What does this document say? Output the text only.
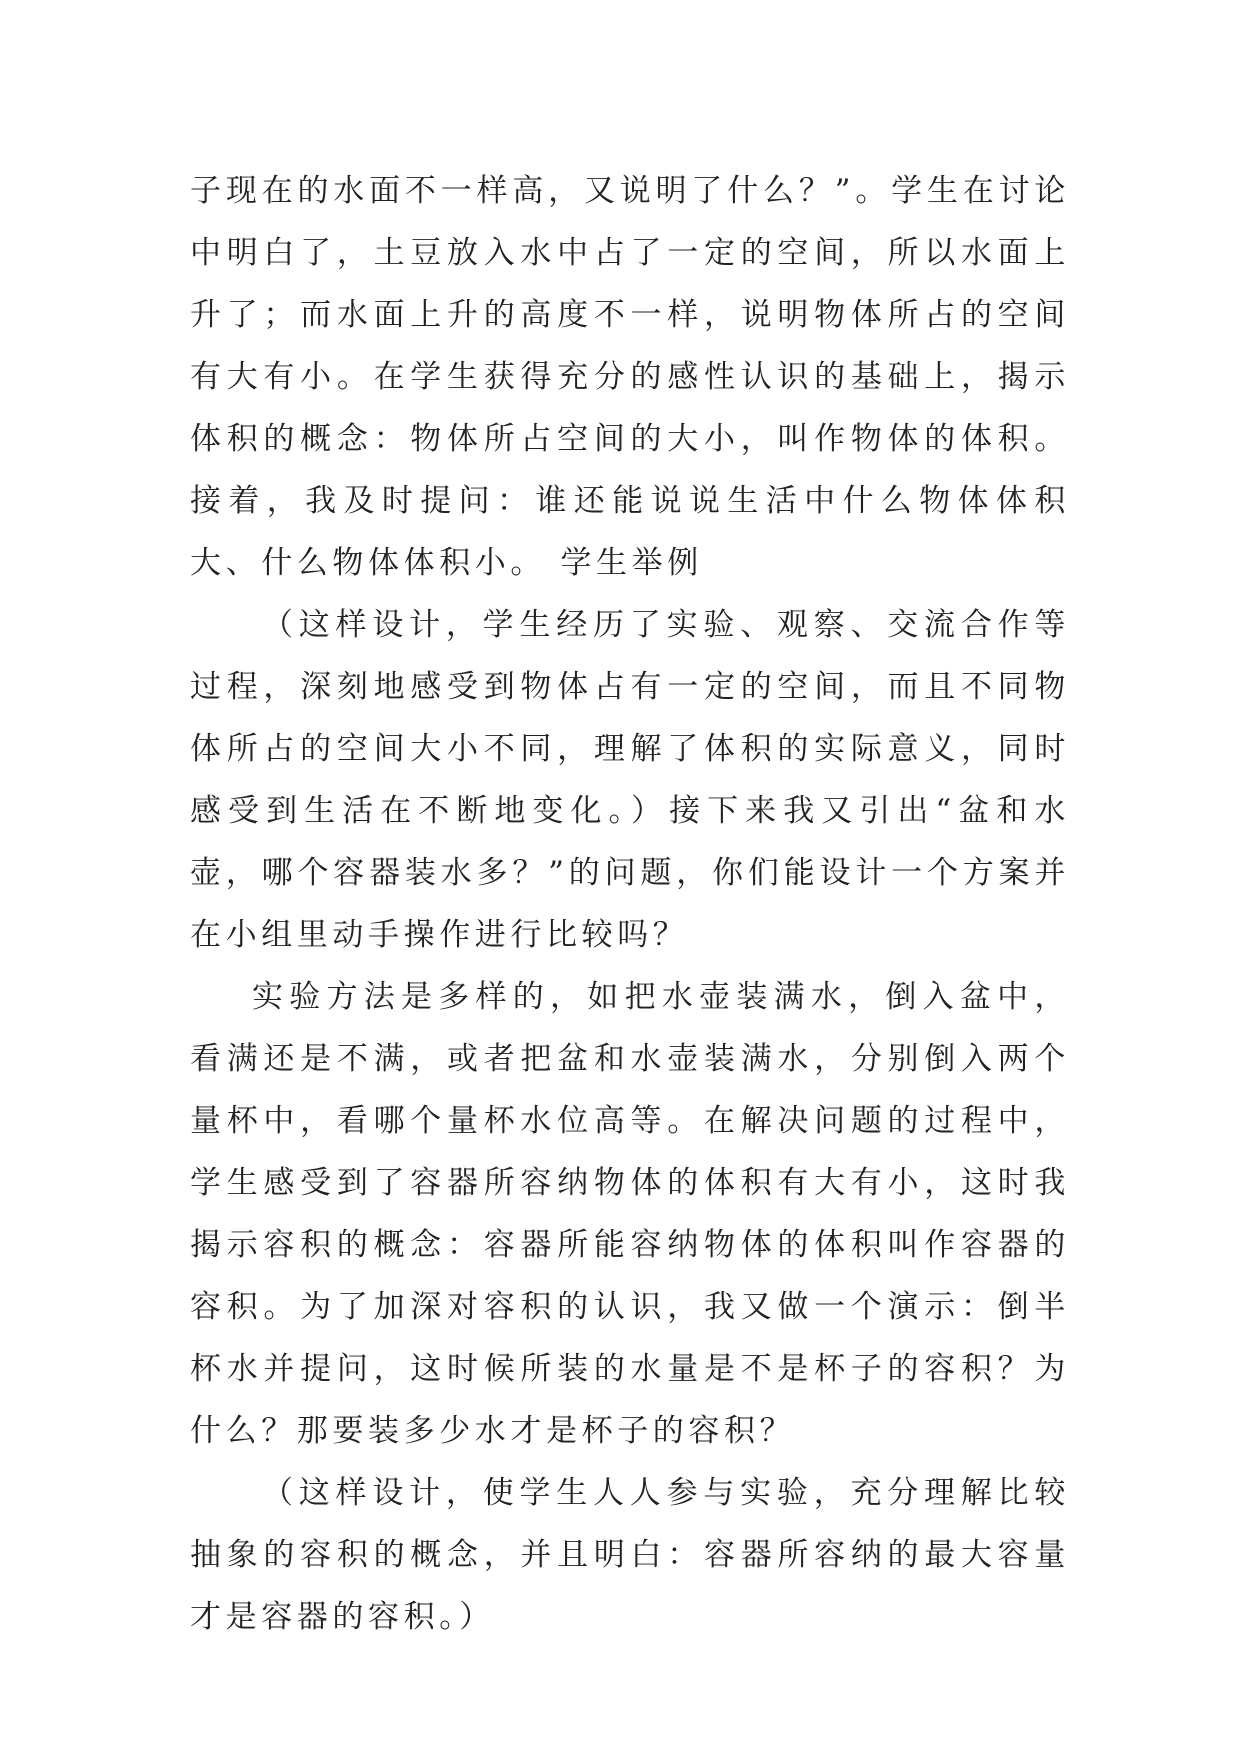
子现在的水面不一样高，又说明了什么？”。学生在讨论中明白了，土豆放入水中占了一定的空间，所以水面上升了；而水面上升的高度不一样，说明物体所占的空间有大有小。在学生获得充分的感性认识的基础上，揭示体积的概念：物体所占空间的大小，叫作物体的体积。接着，我及时提问：谁还能说说生活中什么物体体积大、什么物体体积小。 学生举例

（这样设计，学生经历了实验、观察、交流合作等过程，深刻地感受到物体占有一定的空间，而且不同物体所占的空间大小不同，理解了体积的实际意义，同时感受到生活在不断地变化。）接下来我又引出“盆和水壶，哪个容器装水多？”的问题，你们能设计一个方案并在小组里动手操作进行比较吗？

实验方法是多样的，如把水壶装满水，倒入盆中，看满还是不满，或者把盆和水壶装满水，分别倒入两个量杯中，看哪个量杯水位高等。在解决问题的过程中，学生感受到了容器所容纳物体的体积有大有小，这时我揭示容积的概念：容器所能容纳物体的体积叫作容器的容积。为了加深对容积的认识，我又做一个演示：倒半杯水并提问，这时候所装的水量是不是杯子的容积？为什么？那要装多少水才是杯子的容积？

（这样设计，使学生人人参与实验，充分理解比较抽象的容积的概念，并且明白：容器所容纳的最大容量才是容器的容积。）
